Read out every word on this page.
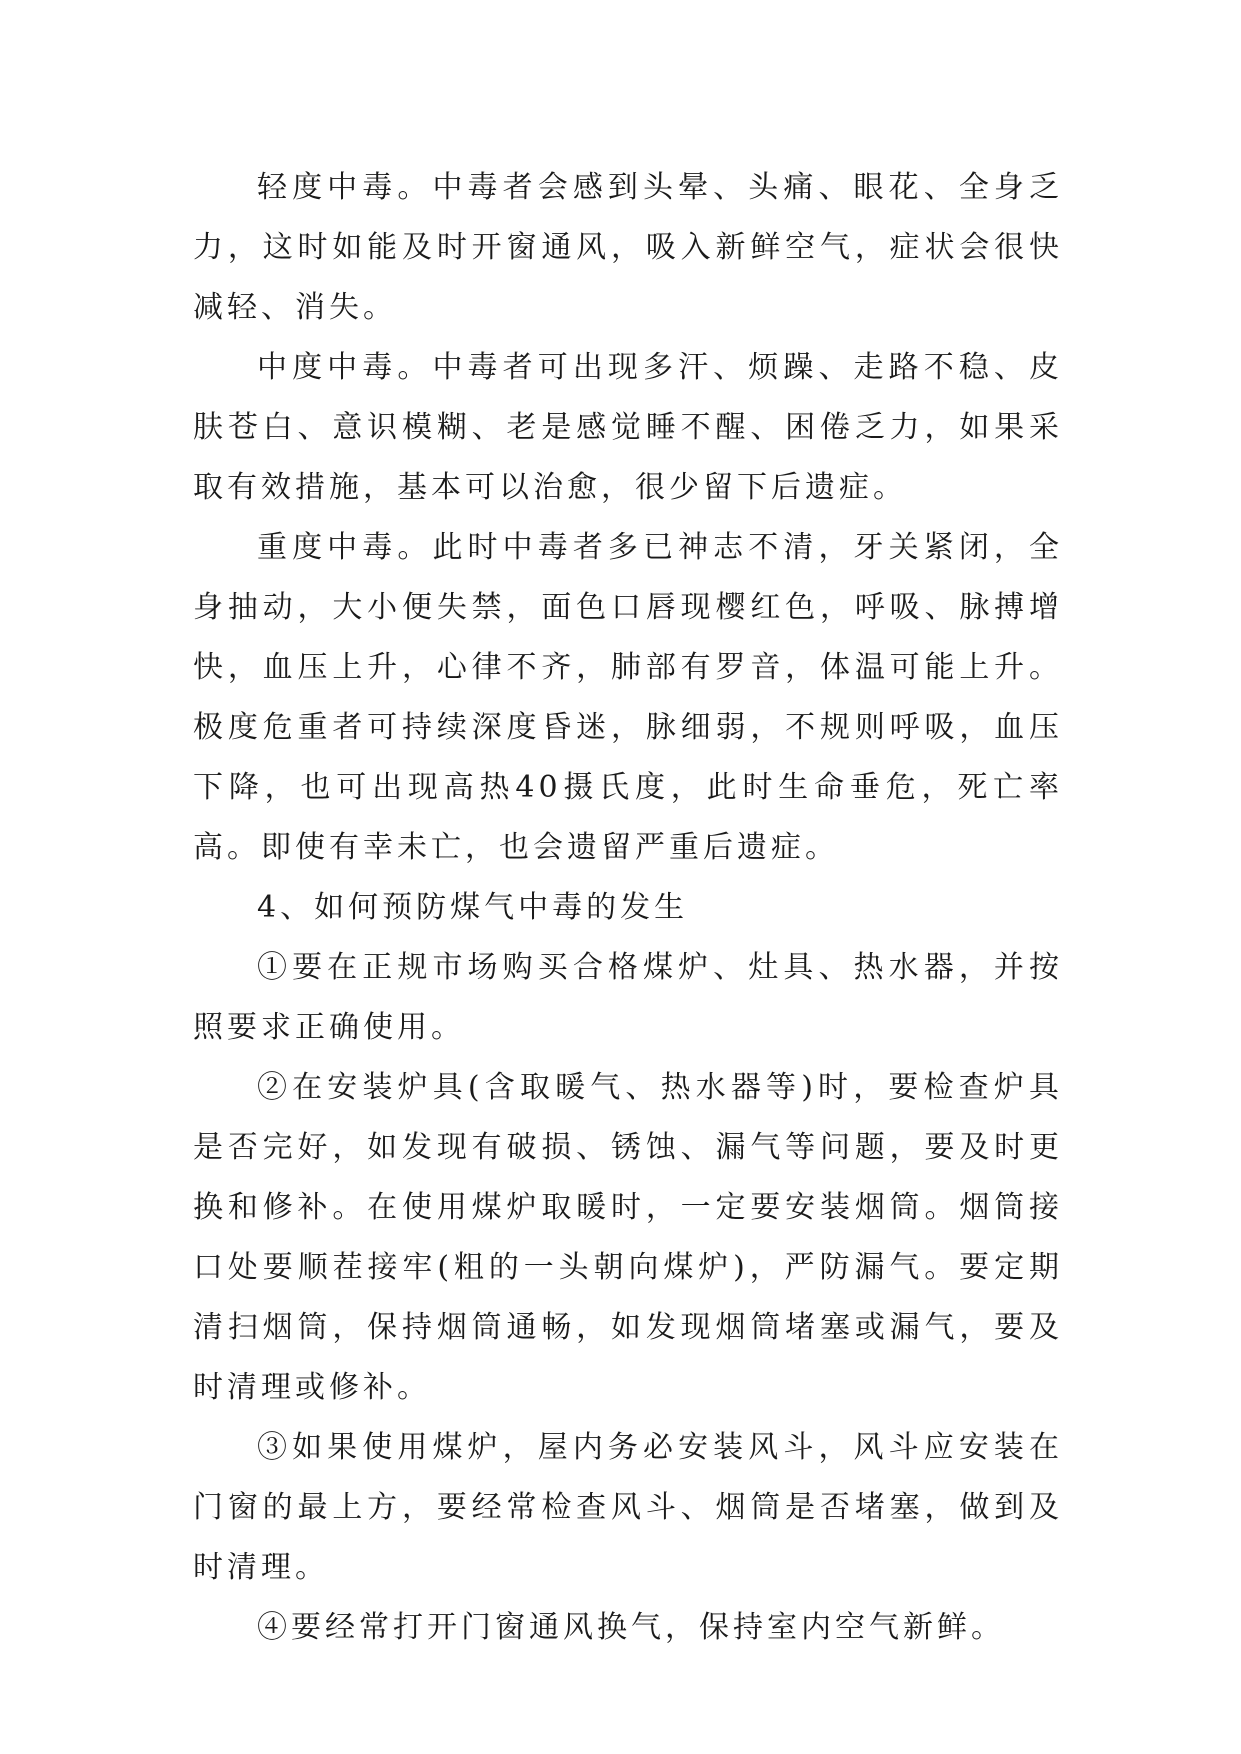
轻度中毒。中毒者会感到头晕、头痛、眼花、全身乏力，这时如能及时开窗通风，吸入新鲜空气，症状会很快减轻、消失。

中度中毒。中毒者可出现多汗、烦躁、走路不稳、皮肤苍白、意识模糊、老是感觉睡不醒、困倦乏力，如果采取有效措施，基本可以治愈，很少留下后遗症。

重度中毒。此时中毒者多已神志不清，牙关紧闭，全身抽动，大小便失禁，面色口唇现樱红色，呼吸、脉搏增快，血压上升，心律不齐，肺部有罗音，体温可能上升。极度危重者可持续深度昏迷，脉细弱，不规则呼吸，血压下降，也可出现高热40摄氏度，此时生命垂危，死亡率高。即使有幸未亡，也会遗留严重后遗症。

4、如何预防煤气中毒的发生

①要在正规市场购买合格煤炉、灶具、热水器，并按照要求正确使用。

②在安装炉具(含取暖气、热水器等)时，要检查炉具是否完好，如发现有破损、锈蚀、漏气等问题，要及时更换和修补。在使用煤炉取暖时，一定要安装烟筒。烟筒接口处要顺茬接牢(粗的一头朝向煤炉)，严防漏气。要定期清扫烟筒，保持烟筒通畅，如发现烟筒堵塞或漏气，要及时清理或修补。

③如果使用煤炉，屋内务必安装风斗，风斗应安装在门窗的最上方，要经常检查风斗、烟筒是否堵塞，做到及时清理。

④要经常打开门窗通风换气，保持室内空气新鲜。
